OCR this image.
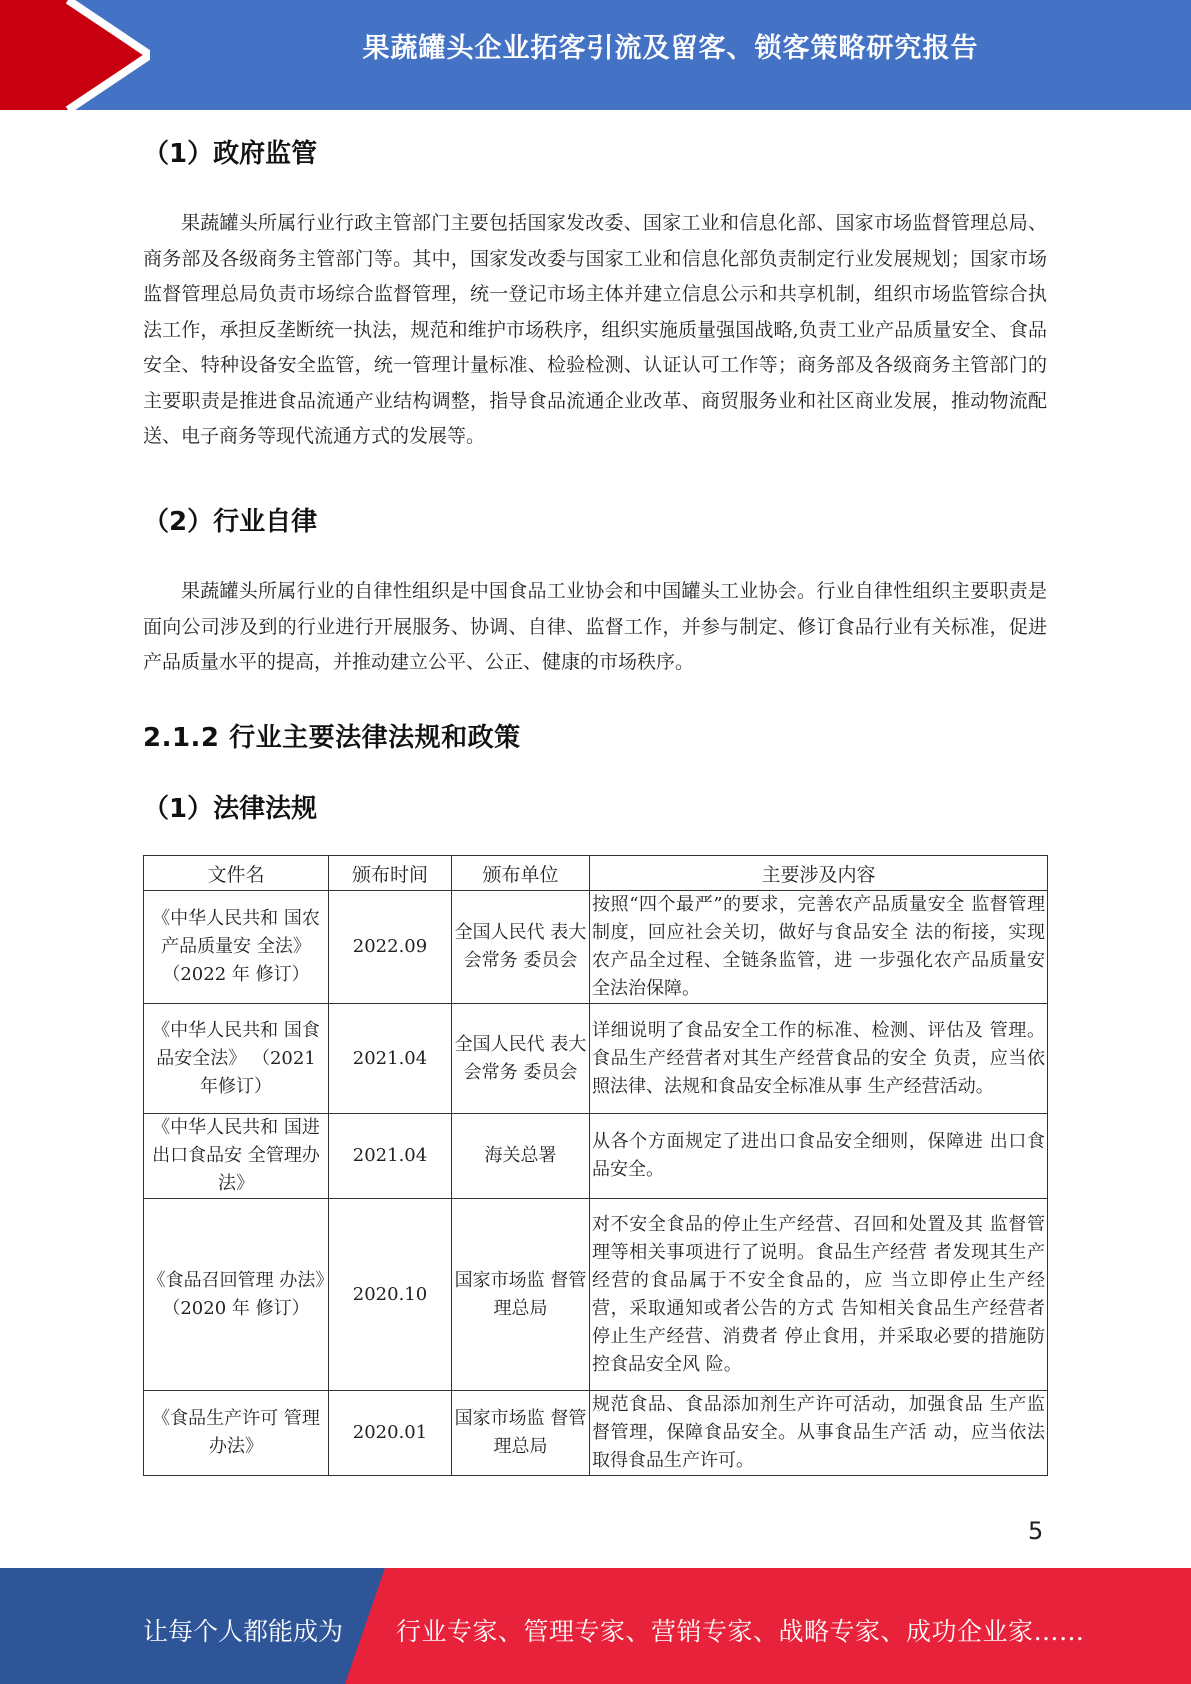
果蔬罐头企业拓客引流及留客、锁客策略研究报告
（1）政府监管
果蔬罐头所属行业行政主管部门主要包括国家发改委、国家工业和信息化部、国家市场监督管理总局、商务部及各级商务主管部门等。其中，国家发改委与国家工业和信息化部负责制定行业发展规划；国家市场监督管理总局负责市场综合监督管理，统一登记市场主体并建立信息公示和共享机制，组织市场监管综合执法工作，承担反垄断统一执法，规范和维护市场秩序，组织实施质量强国战略,负责工业产品质量安全、食品安全、特种设备安全监管，统一管理计量标准、检验检测、认证认可工作等；商务部及各级商务主管部门的主要职责是推进食品流通产业结构调整，指导食品流通企业改革、商贸服务业和社区商业发展，推动物流配送、电子商务等现代流通方式的发展等。
（2）行业自律
果蔬罐头所属行业的自律性组织是中国食品工业协会和中国罐头工业协会。行业自律性组织主要职责是面向公司涉及到的行业进行开展服务、协调、自律、监督工作，并参与制定、修订食品行业有关标准，促进产品质量水平的提高，并推动建立公平、公正、健康的市场秩序。
2.1.2 行业主要法律法规和政策
（1）法律法规
文件名	颁布时间	颁布单位	主要涉及内容
《中华人民共和 国农产品质量安 全法》（2022 年 修订）	2022.09	全国人民代 表大会常务 委员会	按照“四个最严”的要求，完善农产品质量安全 监督管理制度，回应社会关切，做好与食品安全 法的衔接，实现农产品全过程、全链条监管，进 一步强化农产品质量安全法治保障。
《中华人民共和 国食品安全法》 （2021 年修订）	2021.04	全国人民代 表大会常务 委员会	详细说明了食品安全工作的标准、检测、评估及 管理。食品生产经营者对其生产经营食品的安全 负责，应当依照法律、法规和食品安全标准从事 生产经营活动。
《中华人民共和 国进出口食品安 全管理办法》	2021.04	海关总署	从各个方面规定了进出口食品安全细则，保障进 出口食品安全。
《食品召回管理 办法》（2020 年 修订）	2020.10	国家市场监 督管理总局	对不安全食品的停止生产经营、召回和处置及其 监督管理等相关事项进行了说明。食品生产经营 者发现其生产经营的食品属于不安全食品的，应 当立即停止生产经营，采取通知或者公告的方式 告知相关食品生产经营者停止生产经营、消费者 停止食用，并采取必要的措施防控食品安全风 险。
《食品生产许可 管理办法》	2020.01	国家市场监 督管理总局	规范食品、食品添加剂生产许可活动，加强食品 生产监督管理，保障食品安全。从事食品生产活 动，应当依法取得食品生产许可。
5
让每个人都能成为 行业专家、管理专家、营销专家、战略专家、成功企业家……
